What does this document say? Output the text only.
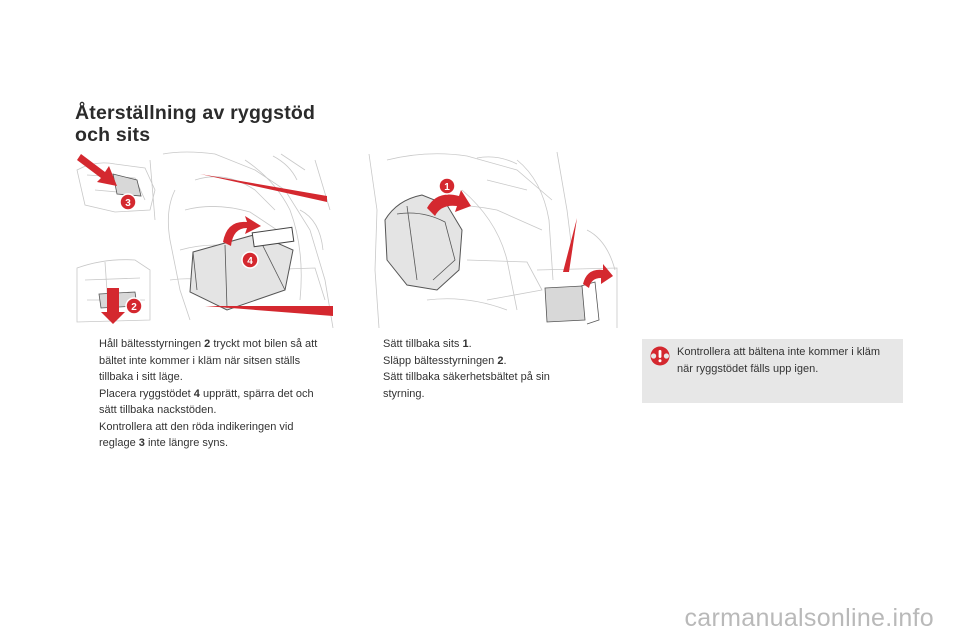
Återställning av ryggstöd
och sits
3
4
2
1
Håll bältesstyrningen 2 tryckt mot bilen så att bältet inte kommer i kläm när sitsen ställs tillbaka i sitt läge.
Placera ryggstödet 4 upprätt, spärra det och sätt tillbaka nackstöden.
Kontrollera att den röda indikeringen vid reglage 3 inte längre syns.
Sätt tillbaka sits 1.
Släpp bältesstyrningen 2.
Sätt tillbaka säkerhetsbältet på sin styrning.
Kontrollera att bältena inte kommer i kläm när ryggstödet fälls upp igen.
carmanualsonline.info
